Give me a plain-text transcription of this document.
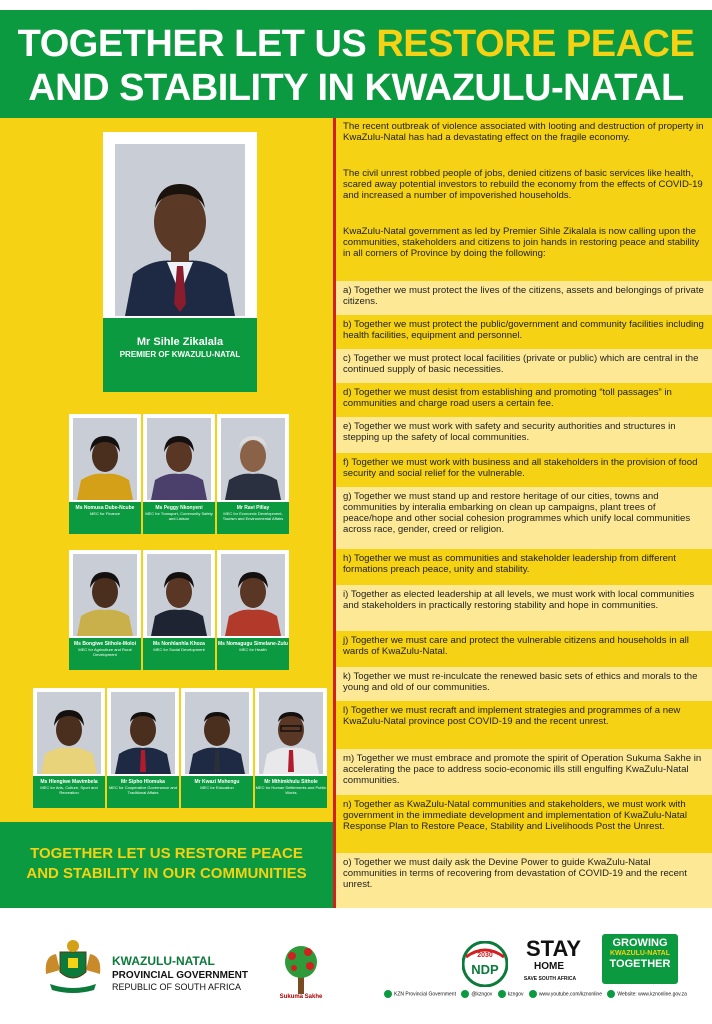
TOGETHER LET US RESTORE PEACE
AND STABILITY IN KWAZULU-NATAL
Mr Sihle Zikalala
PREMIER OF KWAZULU-NATAL
Ms Nomusa Dube-Ncube
MEC for Finance
Ms Peggy Nkonyeni
MEC for Transport, Community Safety and Liaison
Mr Ravi Pillay
MEC for Economic Development, Tourism and Environmental Affairs
Ms Bongiwe Sithole-Moloi
MEC for Agriculture and Rural Development
Ms Nonhlanhla Khoza
MEC for Social Development
Ms Nomagugu Simelane-Zulu
MEC for Health
Ms Hlengiwe Mavimbela
MEC for Arts, Culture, Sport and Recreation
Mr Sipho Hlomuka
MEC for Cooperative Governance and Traditional Affairs
Mr Kwazi Mshengu
MEC for Education
Mr Mthimkhulu Sithole
MEC for Human Settlements and Public Works
TOGETHER LET US RESTORE PEACE
AND STABILITY IN OUR COMMUNITIES
The recent outbreak of violence associated with looting and destruction of property in KwaZulu-Natal has had a devastating effect on the fragile economy.
The civil unrest robbed people of jobs, denied citizens of basic services like health, scared away potential investors to rebuild the economy from the effects of COVID-19 and increased a number of impoverished households.
KwaZulu-Natal government as led by Premier Sihle Zikalala is now calling upon the communities, stakeholders and citizens to join hands in restoring peace and stability in all corners of Province by doing the following:
a) Together we must protect the lives of the citizens, assets and belongings of private citizens.
b) Together we must protect the public/government and community facilities including health facilities, equipment and personnel.
c) Together we must protect local facilities (private or public) which are central in the continued supply of basic necessities.
d) Together we must desist from establishing and promoting “toll passages” in communities and charge road users a certain fee.
e) Together we must work with safety and security authorities and structures in stepping up the safety of local communities.
f) Together we must work with business and all stakeholders in the provision of food security and social relief for the vulnerable.
g) Together we must stand up and restore heritage of our cities, towns and communities by interalia embarking on clean up campaigns, plant trees of peace/hope and other social cohesion programmes which unify local communities across race, gender, creed or religion.
h) Together we must as communities and stakeholder leadership from different formations preach peace, unity and stability.
i) Together as elected leadership at all levels, we must work with local communities and stakeholders in practically restoring stability and hope in communities.
j) Together we must care and protect the vulnerable citizens and households in all wards of KwaZulu-Natal.
k) Together we must re-inculcate the renewed basic sets of ethics and morals to the young and old of our communities.
l) Together we must recraft and implement strategies and programmes of a new KwaZulu-Natal province post COVID-19 and the recent unrest.
m) Together we must embrace and promote the spirit of Operation Sukuma Sakhe in accelerating the pace to address socio-economic ills still engulfing KwaZulu-Natal communities.
n) Together as KwaZulu-Natal communities and stakeholders, we must work with government in the immediate development and implementation of KwaZulu-Natal Response Plan to Restore Peace, Stability and Livelihoods Post the Unrest.
o) Together we must daily ask the Devine Power to guide KwaZulu-Natal communities in terms of recovering from devastation of COVID-19 and the recent unrest.
KWAZULU-NATAL
PROVINCIAL GOVERNMENT
REPUBLIC OF SOUTH AFRICA
Sukuma Sakhe
2030
NDP
STAY
HOME
SAVE SOUTH AFRICA
GROWING
KWAZULU-NATAL
TOGETHER
KZN Provincial Government	@kzngov	kzngov	www.youtube.com/kznonline	Website: www.kznonline.gov.za
